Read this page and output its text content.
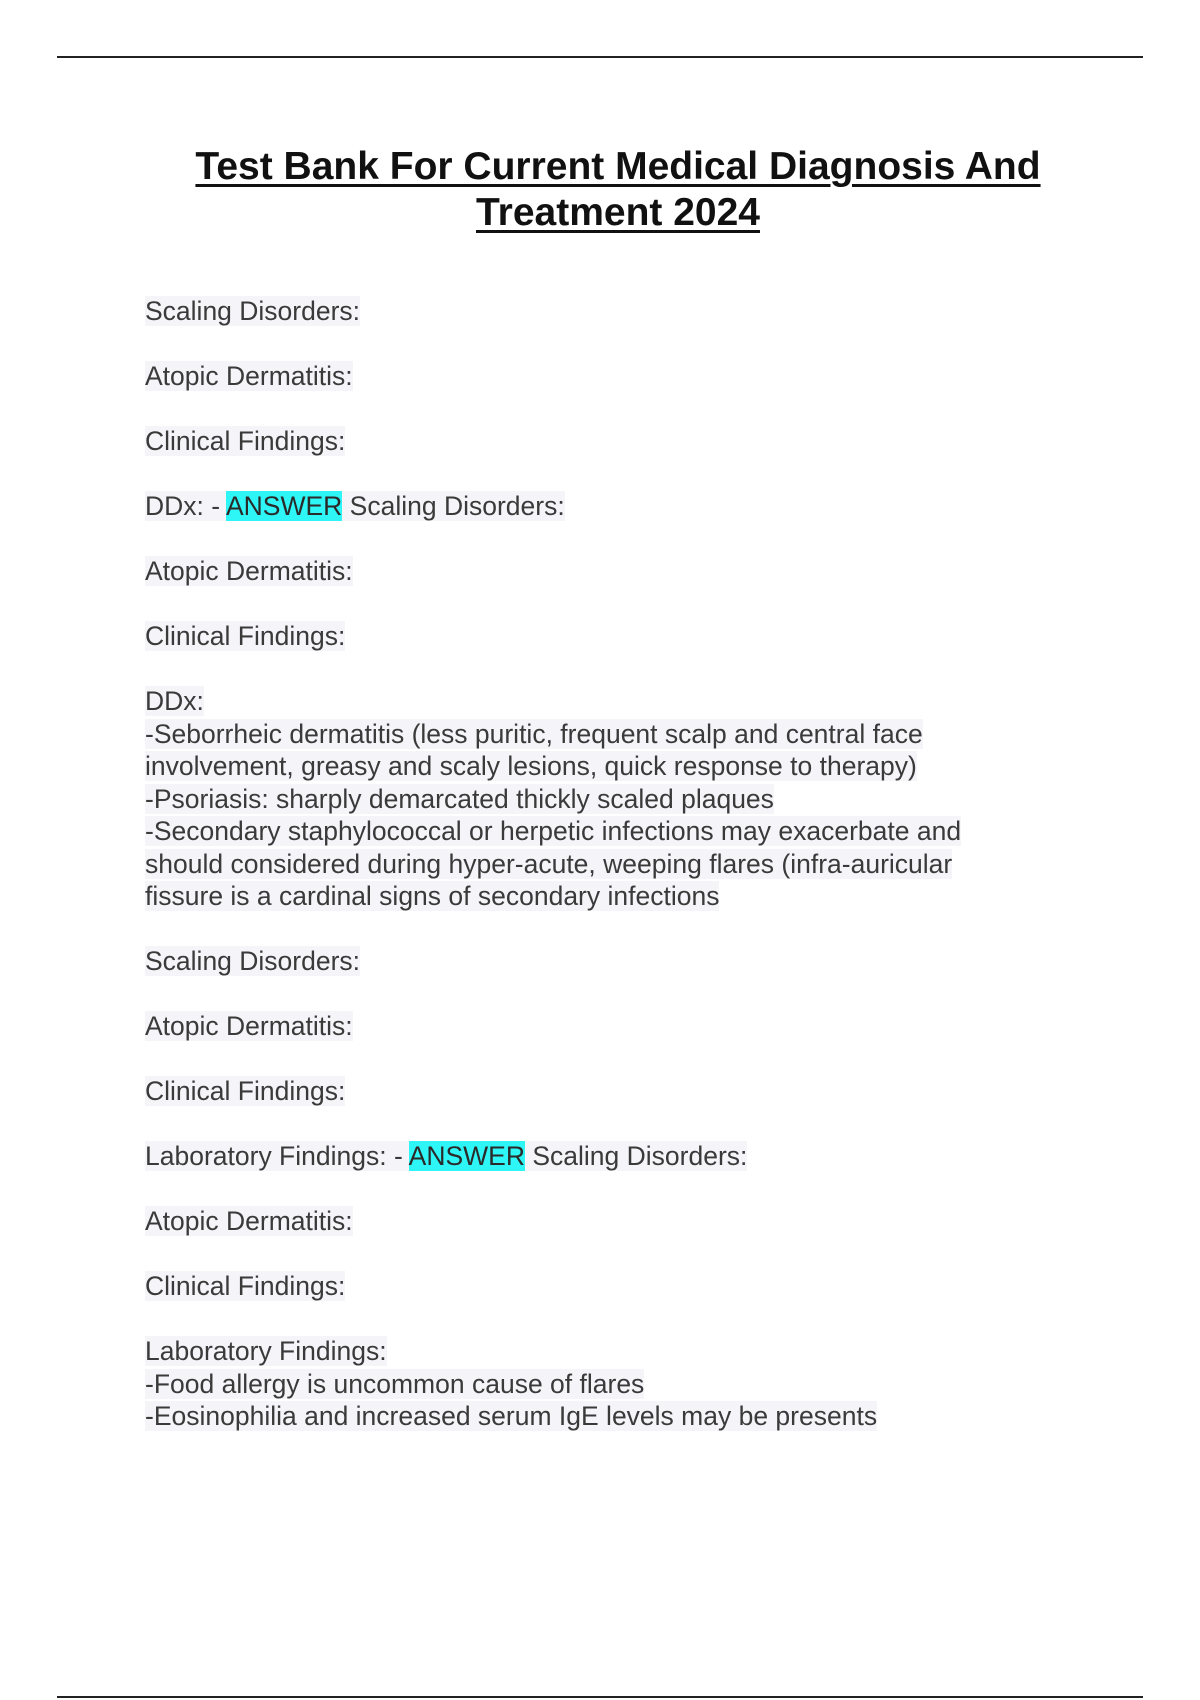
Test Bank For Current Medical Diagnosis And
Treatment 2024

Scaling Disorders:

Atopic Dermatitis:

Clinical Findings:

DDx: - ANSWER Scaling Disorders:

Atopic Dermatitis:

Clinical Findings:

DDx:
-Seborrheic dermatitis (less puritic, frequent scalp and central face
involvement, greasy and scaly lesions, quick response to therapy)
-Psoriasis: sharply demarcated thickly scaled plaques
-Secondary staphylococcal or herpetic infections may exacerbate and
should considered during hyper-acute, weeping flares (infra-auricular
fissure is a cardinal signs of secondary infections

Scaling Disorders:

Atopic Dermatitis:

Clinical Findings:

Laboratory Findings: - ANSWER Scaling Disorders:

Atopic Dermatitis:

Clinical Findings:

Laboratory Findings:
-Food allergy is uncommon cause of flares
-Eosinophilia and increased serum IgE levels may be presents
